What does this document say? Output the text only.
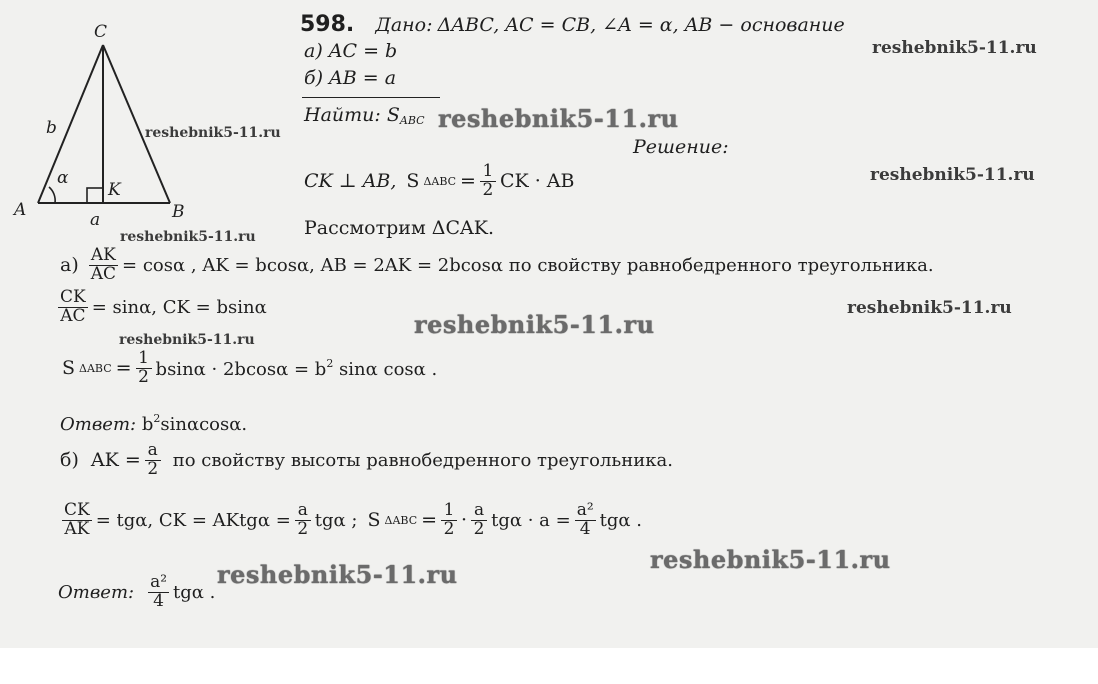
C
A	B
K
b
a
α
598. Дано: ΔABC, AC = CB, ∠A = α, AB − основание
а) AC = b
б) AB = a
Найти: $S_{ABC}$
Решение:
CK ⊥ AB, S $\Delta ABC = \frac{1}{2}$ CK · AB
Рассмотрим ΔCAK.
$а) \frac{AK}{AC} = \cos\alpha$ , AK = bcosα, AB = 2AK = 2bcosα по свойству равнобедренного треугольника.
$\frac{CK}{AC} = \sin\alpha$, CK = bsinα
S $\Delta ABC = \frac{1}{2}$ $bsin\alpha \cdot 2bcos\alpha = b^2$ sinα cosα .
Ответ: $b^2\sin\alpha\cos\alpha$.
б) AK = $\frac{a}{2}$ по свойству высоты равнобедренного треугольника.
$\frac{CK}{AK} = tg\alpha$, CK = AKtgα = $\frac{a}{2}$ tgα ; S $\Delta ABC = \frac{1}{2} \cdot \frac{a}{2}$ $tg\alpha \cdot a = \frac{\text{a²}}{4}$ tgα .
Ответ: $\frac{\text{a²}}{4}$ tgα .
reshebnik5-11.ru
reshebnik5-11.ru	reshebnik5-11.ru
reshebnik5-11.ru
reshebnik5-11.ru
reshebnik5-11.ru
reshebnik5-11.ru
reshebnik5-11.ru
reshebnik5-11.ru
reshebnik5-11.ru
